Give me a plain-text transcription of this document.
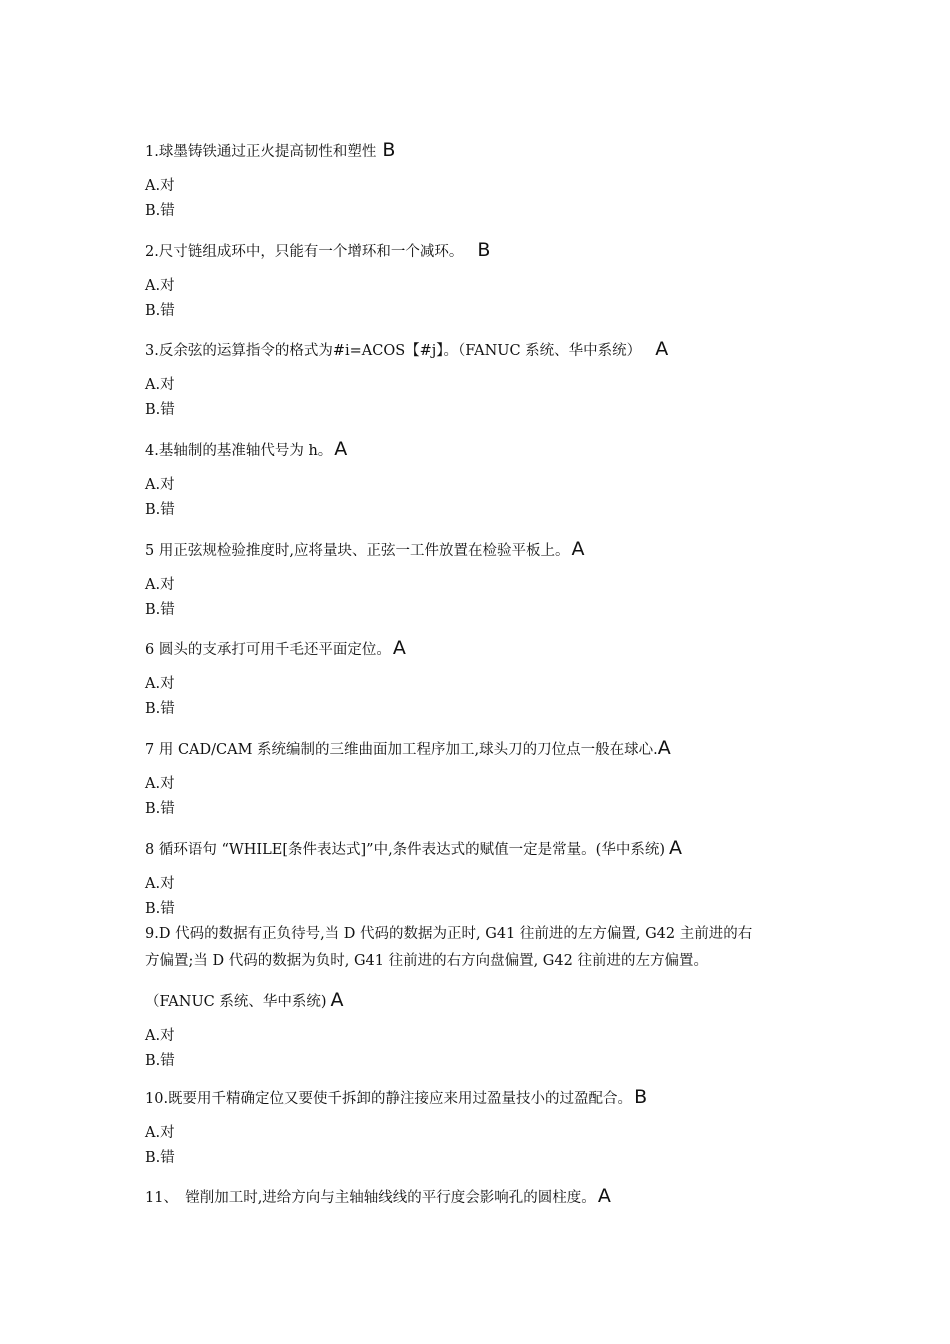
1.球墨铸铁通过正火提高韧性和塑性 B
A.对
B.错
2.尺寸链组成环中，只能有一个增环和一个减环。 B
A.对
B.错
3.反余弦的运算指令的格式为#i=ACOS【#j】。（FANUC 系统、华中系统） A
A.对
B.错
4.基轴制的基准轴代号为 h。 A
A.对
B.错
5 用正弦规检验推度时,应将量块、正弦一工件放置在检验平板上。 A
A.对
B.错
6 圆头的支承打可用千毛还平面定位。 A
A.对
B.错
7 用 CAD/CAM 系统编制的三维曲面加工程序加工,球头刀的刀位点一般在球心.A
A.对
B.错
8 循环语句 “WHILE[条件表达式]”中,条件表达式的赋值一定是常量。(华中系统) A
A.对
B.错
9.D 代码的数据有正负待号,当 D 代码的数据为正时, G41 往前进的左方偏置, G42 主前进的右
方偏置;当 D 代码的数据为负时, G41 往前进的右方向盘偏置, G42 往前进的左方偏置。
（FANUC 系统、华中系统) A
A.对
B.错
10.既要用千精确定位又要使千拆卸的静注接应来用过盈量技小的过盈配合。 B
A.对
B.错
11、　镗削加工时,进给方向与主轴轴线线的平行度会影响孔的圆柱度。 A
